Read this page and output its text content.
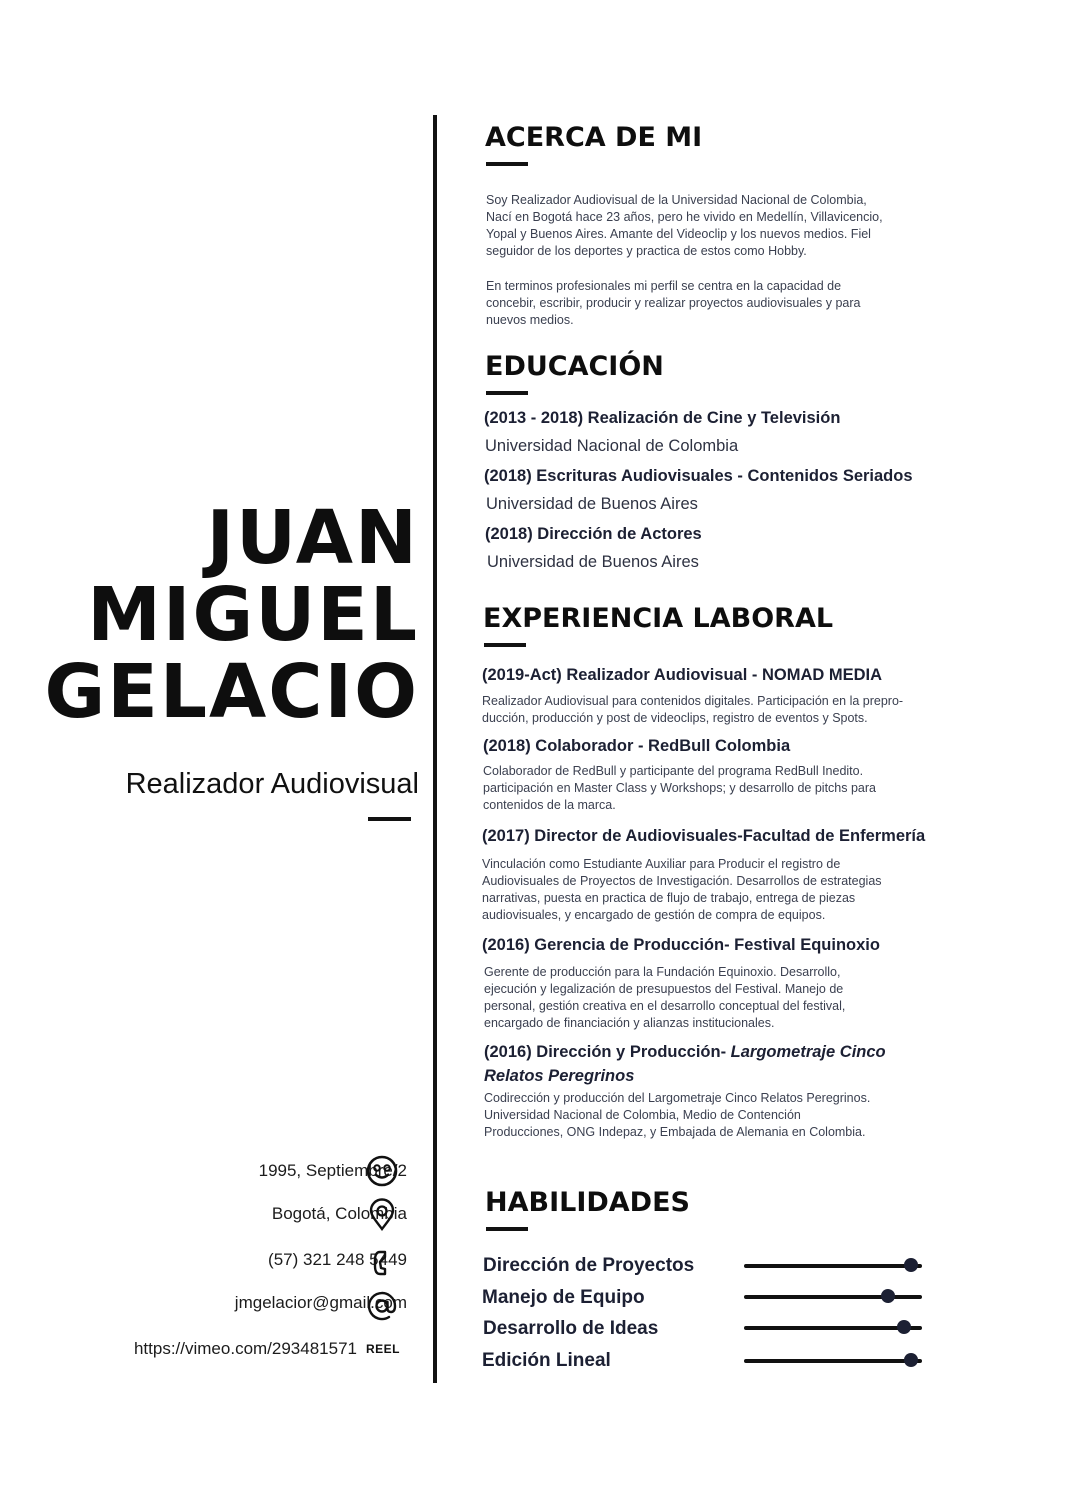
JUAN
MIGUEL
GELACIO

Realizador Audiovisual

1995, Septiembre/2
Bogotá, Colombia
(57) 321 248 5449
jmgelacior@gmail.com
https://vimeo.com/293481571 REEL
ACERCA DE MI
Soy Realizador Audiovisual de la Universidad Nacional de Colombia,
Nací en Bogotá hace 23 años, pero he vivido en Medellín, Villavicencio,
Yopal y Buenos Aires. Amante del Videoclip y los nuevos medios. Fiel
seguidor de los deportes y practica de estos como Hobby.
En terminos profesionales mi perfil se centra en la capacidad de
concebir, escribir, producir y realizar proyectos audiovisuales y para
nuevos medios.
EDUCACIÓN

(2013 - 2018) Realización de Cine y Televisión

Universidad Nacional de Colombia

(2018) Escrituras Audiovisuales - Contenidos Seriados

Universidad de Buenos Aires

(2018) Dirección de Actores

Universidad de Buenos Aires

EXPERIENCIA LABORAL

(2019-Act) Realizador Audiovisual - NOMAD MEDIA

Realizador Audiovisual para contenidos digitales. Participación en la prepro-
ducción, producción y post de videoclips, registro de eventos y Spots.

(2018) Colaborador - RedBull Colombia

Colaborador de RedBull y participante del programa RedBull Inedito.
participación en Master Class y Workshops; y desarrollo de pitchs para
contenidos de la marca.

(2017) Director de Audiovisuales-Facultad de Enfermería

Vinculación como Estudiante Auxiliar para Producir el registro de
Audiovisuales de Proyectos de Investigación. Desarrollos de estrategias
narrativas, puesta en practica de flujo de trabajo, entrega de piezas
audiovisuales, y encargado de gestión de compra de equipos.

(2016) Gerencia de Producción- Festival Equinoxio

Gerente de producción para la Fundación Equinoxio. Desarrollo,
ejecución y legalización de presupuestos del Festival. Manejo de
personal, gestión creativa en el desarrollo conceptual del festival,
encargado de financiación y alianzas institucionales.

(2016) Dirección y Producción- Largometraje Cinco

Relatos Peregrinos

Codirección y producción del Largometraje Cinco Relatos Peregrinos.
Universidad Nacional de Colombia, Medio de Contención
Producciones, ONG Indepaz, y Embajada de Alemania en Colombia.
HABILIDADES

Dirección de Proyectos

Manejo de Equipo

Desarrollo de Ideas

Edición Lineal
